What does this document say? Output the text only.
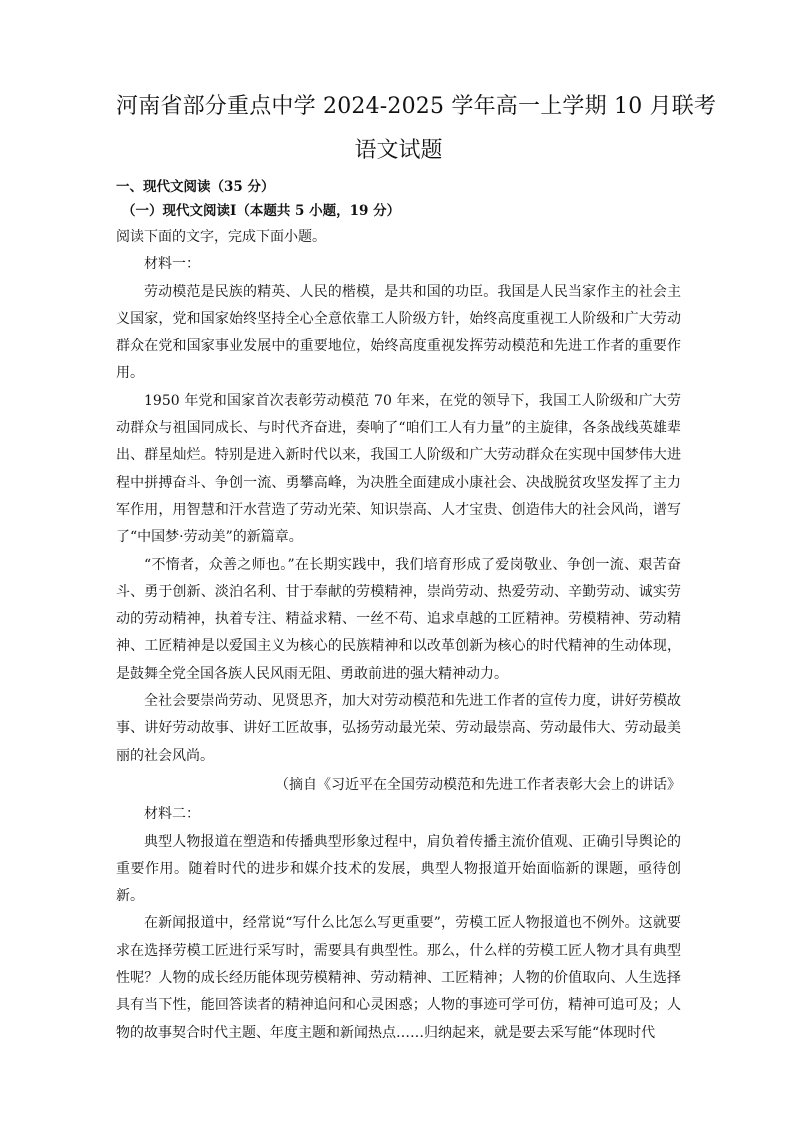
河南省部分重点中学 2024-2025 学年高一上学期 10 月联考
语文试题
一、现代文阅读（35 分）
（一）现代文阅读Ⅰ（本题共 5 小题，19 分）

阅读下面的文字，完成下面小题。

材料一：

劳动模范是民族的精英、人民的楷模，是共和国的功臣。我国是人民当家作主的社会主义国家，党和国家始终坚持全心全意依靠工人阶级方针，始终高度重视工人阶级和广大劳动群众在党和国家事业发展中的重要地位，始终高度重视发挥劳动模范和先进工作者的重要作用。

1950 年党和国家首次表彰劳动模范 70 年来，在党的领导下，我国工人阶级和广大劳动群众与祖国同成长、与时代齐奋进，奏响了“咱们工人有力量”的主旋律，各条战线英雄辈出、群星灿烂。特别是进入新时代以来，我国工人阶级和广大劳动群众在实现中国梦伟大进程中拼搏奋斗、争创一流、勇攀高峰，为决胜全面建成小康社会、决战脱贫攻坚发挥了主力军作用，用智慧和汗水营造了劳动光荣、知识崇高、人才宝贵、创造伟大的社会风尚，谱写了“中国梦·劳动美”的新篇章。

“不惰者，众善之师也。”在长期实践中，我们培育形成了爱岗敬业、争创一流、艰苦奋斗、勇于创新、淡泊名利、甘于奉献的劳模精神，崇尚劳动、热爱劳动、辛勤劳动、诚实劳动的劳动精神，执着专注、精益求精、一丝不苟、追求卓越的工匠精神。劳模精神、劳动精神、工匠精神是以爱国主义为核心的民族精神和以改革创新为核心的时代精神的生动体现，是鼓舞全党全国各族人民风雨无阻、勇敢前进的强大精神动力。

全社会要崇尚劳动、见贤思齐，加大对劳动模范和先进工作者的宣传力度，讲好劳模故事、讲好劳动故事、讲好工匠故事，弘扬劳动最光荣、劳动最崇高、劳动最伟大、劳动最美丽的社会风尚。

（摘自《习近平在全国劳动模范和先进工作者表彰大会上的讲话》

材料二：

典型人物报道在塑造和传播典型形象过程中，肩负着传播主流价值观、正确引导舆论的重要作用。随着时代的进步和媒介技术的发展，典型人物报道开始面临新的课题，亟待创新。

在新闻报道中，经常说“写什么比怎么写更重要”，劳模工匠人物报道也不例外。这就要求在选择劳模工匠进行采写时，需要具有典型性。那么，什么样的劳模工匠人物才具有典型性呢？人物的成长经历能体现劳模精神、劳动精神、工匠精神；人物的价值取向、人生选择具有当下性，能回答读者的精神追问和心灵困惑；人物的事迹可学可仿，精神可追可及；人物的故事契合时代主题、年度主题和新闻热点……归纳起来，就是要去采写能“体现时代
